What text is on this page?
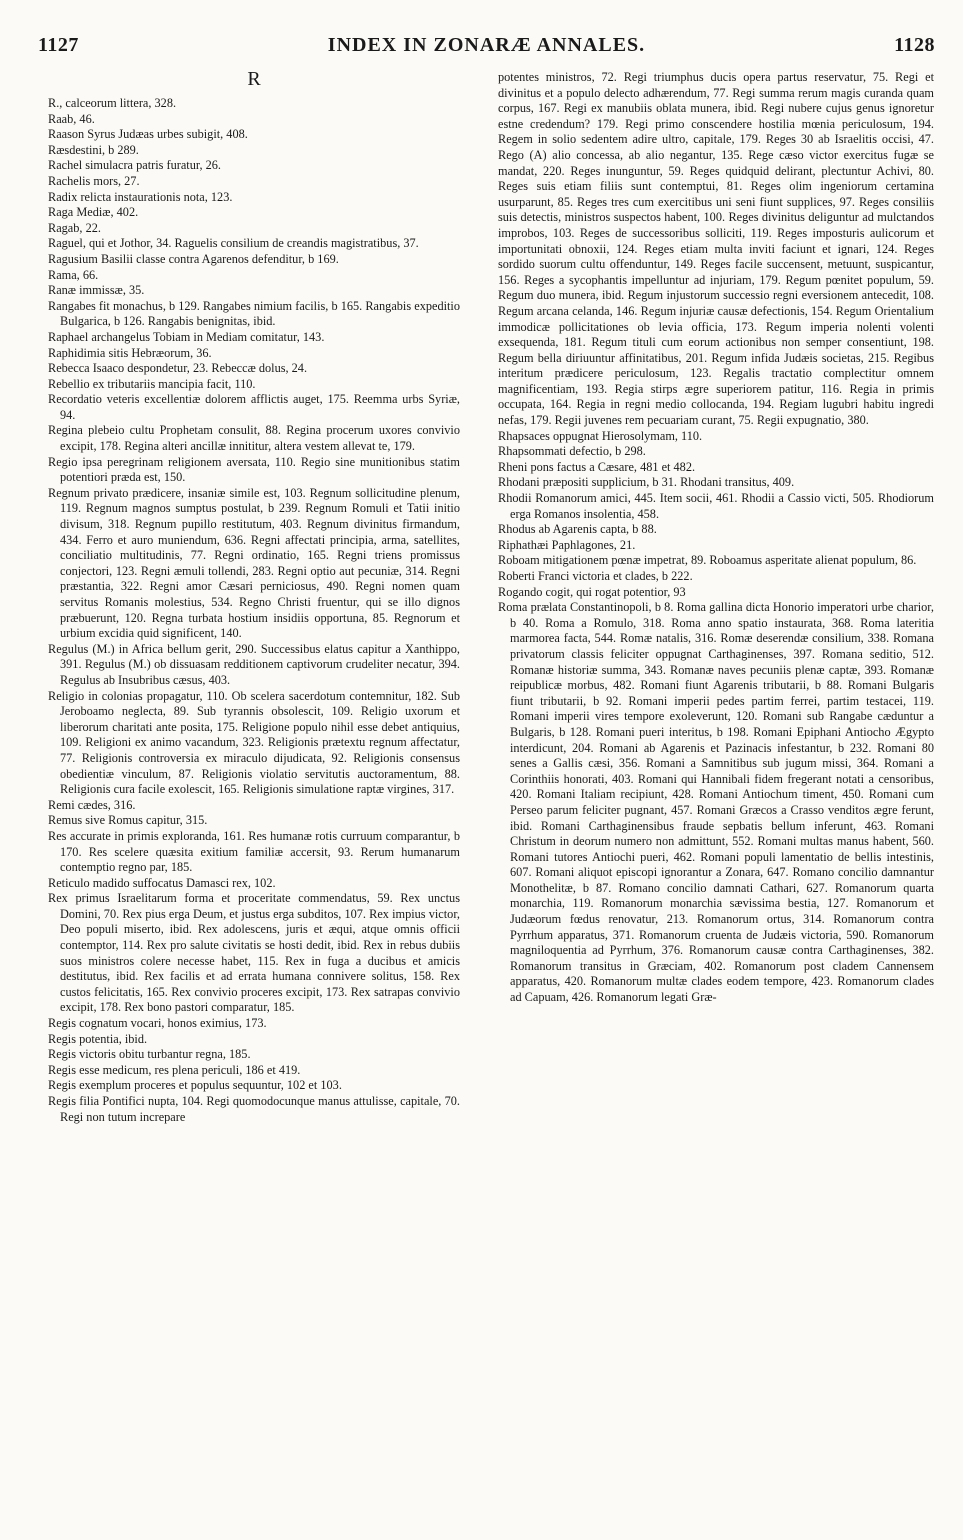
1127	INDEX IN ZONARÆ ANNALES.	1128
R

R., calceorum littera, 328.

Raab, 46.

Raason Syrus Judæas urbes subigit, 408.

Ræsdestini, b 289.

Rachel simulacra patris furatur, 26.

Rachelis mors, 27.

Radix relicta instaurationis nota, 123.

Raga Mediæ, 402.

Ragab, 22.

Raguel, qui et Jothor, 34. Raguelis consilium de creandis magistratibus, 37.

Ragusium Basilii classe contra Agarenos defenditur, b 169.

Rama, 66.

Ranæ immissæ, 35.

Rangabes fit monachus, b 129. Rangabes nimium facilis, b 165. Rangabis expeditio Bulgarica, b 126. Rangabis benignitas, ibid.

Raphael archangelus Tobiam in Mediam comitatur, 143.

Raphidimia sitis Hebræorum, 36.

Rebecca Isaaco despondetur, 23. Rebeccæ dolus, 24.

Rebellio ex tributariis mancipia facit, 110.

Recordatio veteris excellentiæ dolorem afflictis auget, 175. Reemma urbs Syriæ, 94.

Regina plebeio cultu Prophetam consulit, 88. Regina procerum uxores convivio excipit, 178. Regina alteri ancillæ innititur, altera vestem allevat te, 179.

Regio ipsa peregrinam religionem aversata, 110. Regio sine munitionibus statim potentiori præda est, 150.

Regnum privato prædicere, insaniæ simile est, 103. Regnum sollicitudine plenum, 119. Regnum magnos sumptus postulat, b 239. Regnum Romuli et Tatii initio divisum, 318. Regnum pupillo restitutum, 403. Regnum divinitus firmandum, 434. Ferro et auro muniendum, 636. Regni affectati principia, arma, satellites, conciliatio multitudinis, 77. Regni ordinatio, 165. Regni triens promissus conjectori, 123. Regni æmuli tollendi, 283. Regni optio aut pecuniæ, 314. Regni præstantia, 322. Regni amor Cæsari perniciosus, 490. Regni nomen quam servitus Romanis molestius, 534. Regno Christi fruentur, qui se illo dignos præbuerunt, 120. Regna turbata hostium insidiis opportuna, 85. Regnorum et urbium excidia quid significent, 140.

Regulus (M.) in Africa bellum gerit, 290. Successibus elatus capitur a Xanthippo, 391. Regulus (M.) ob dissuasam redditionem captivorum crudeliter necatur, 394. Regulus ab Insubribus cæsus, 403.

Religio in colonias propagatur, 110. Ob scelera sacerdotum contemnitur, 182. Sub Jeroboamo neglecta, 89. Sub tyrannis obsolescit, 109. Religio uxorum et liberorum charitati ante posita, 175. Religione populo nihil esse debet antiquius, 109. Religioni ex animo vacandum, 323. Religionis prætextu regnum affectatur, 77. Religionis controversia ex miraculo dijudicata, 92. Religionis consensus obedientiæ vinculum, 87. Religionis violatio servitutis auctoramentum, 88. Religionis cura facile exolescit, 165. Religionis simulatione raptæ virgines, 317.

Remi cædes, 316.

Remus sive Romus capitur, 315.

Res accurate in primis exploranda, 161. Res humanæ rotis curruum comparantur, b 170. Res scelere quæsita exitium familiæ accersit, 93. Rerum humanarum contemptio regno par, 185.

Reticulo madido suffocatus Damasci rex, 102.

Rex primus Israelitarum forma et proceritate commendatus, 59. Rex unctus Domini, 70. Rex pius erga Deum, et justus erga subditos, 107. Rex impius victor, Deo populi miserto, ibid. Rex adolescens, juris et æqui, atque omnis officii contemptor, 114. Rex pro salute civitatis se hosti dedit, ibid. Rex in rebus dubiis suos ministros colere necesse habet, 115. Rex in fuga a ducibus et amicis destitutus, ibid. Rex facilis et ad errata humana connivere solitus, 158. Rex custos felicitatis, 165. Rex convivio proceres excipit, 173. Rex satrapas convivio excipit, 178. Rex bono pastori comparatur, 185.

Regis cognatum vocari, honos eximius, 173.

Regis potentia, ibid.

Regis victoris obitu turbantur regna, 185.

Regis esse medicum, res plena periculi, 186 et 419.

Regis exemplum proceres et populus sequuntur, 102 et 103.

Regis filia Pontifici nupta, 104. Regi quomodocunque manus attulisse, capitale, 70. Regi non tutum increpare

potentes ministros, 72. Regi triumphus ducis opera partus reservatur, 75. Regi et divinitus et a populo delecto adhærendum, 77. Regi summa rerum magis curanda quam corpus, 167. Regi ex manubiis oblata munera, ibid. Regi nubere cujus genus ignoretur estne credendum? 179. Regi primo conscendere hostilia mœnia periculosum, 194. Regem in solio sedentem adire ultro, capitale, 179. Reges 30 ab Israelitis occisi, 47. Rego (A) alio concessa, ab alio negantur, 135. Rege cæso victor exercitus fugæ se mandat, 220. Reges inunguntur, 59. Reges quidquid delirant, plectuntur Achivi, 80. Reges suis etiam filiis sunt contemptui, 81. Reges olim ingeniorum certamina usurparunt, 85. Reges tres cum exercitibus uni seni fiunt supplices, 97. Reges consiliis suis detectis, ministros suspectos habent, 100. Reges divinitus deliguntur ad mulctandos improbos, 103. Reges de successoribus solliciti, 119. Reges imposturis aulicorum et importunitati obnoxii, 124. Reges etiam multa inviti faciunt et ignari, 124. Reges sordido suorum cultu offenduntur, 149. Reges facile succensent, metuunt, suspicantur, 156. Reges a sycophantis impelluntur ad injuriam, 179. Regum pœnitet populum, 59. Regum duo munera, ibid. Regum injustorum successio regni eversionem antecedit, 108. Regum arcana celanda, 146. Regum injuriæ causæ defectionis, 154. Regum Orientalium immodicæ pollicitationes ob levia officia, 173. Regum imperia nolenti volenti exsequenda, 181. Regum tituli cum eorum actionibus non semper consentiunt, 198. Regum bella diriuuntur affinitatibus, 201. Regum infida Judæis societas, 215. Regibus interitum prædicere periculosum, 123. Regalis tractatio complectitur omnem magnificentiam, 193. Regia stirps ægre superiorem patitur, 116. Regia in primis occupata, 164. Regia in regni medio collocanda, 194. Regiam lugubri habitu ingredi nefas, 179. Regii juvenes rem pecuariam curant, 75. Regii expugnatio, 380.

Rhapsaces oppugnat Hierosolymam, 110.

Rhapsommati defectio, b 298.

Rheni pons factus a Cæsare, 481 et 482.

Rhodani præpositi supplicium, b 31. Rhodani transitus, 409.

Rhodii Romanorum amici, 445. Item socii, 461. Rhodii a Cassio victi, 505. Rhodiorum erga Romanos insolentia, 458.

Rhodus ab Agarenis capta, b 88.

Riphathæi Paphlagones, 21.

Roboam mitigationem pœnæ impetrat, 89. Roboamus asperitate alienat populum, 86.

Roberti Franci victoria et clades, b 222.

Rogando cogit, qui rogat potentior, 93

Roma prælata Constantinopoli, b 8. Roma gallina dicta Honorio imperatori urbe charior, b 40. Roma a Romulo, 318. Roma anno spatio instaurata, 368. Roma lateritia marmorea facta, 544. Romæ natalis, 316. Romæ deserendæ consilium, 338. Romana privatorum classis feliciter oppugnat Carthaginenses, 397. Romana seditio, 512. Romanæ historiæ summa, 343. Romanæ naves pecuniis plenæ captæ, 393. Romanæ reipublicæ morbus, 482. Romani fiunt Agarenis tributarii, b 88. Romani Bulgaris fiunt tributarii, b 92. Romani imperii pedes partim ferrei, partim testacei, 119. Romani imperii vires tempore exoleverunt, 120. Romani sub Rangabe cæduntur a Bulgaris, b 128. Romani pueri interitus, b 198. Romani Epiphani Antiocho Ægypto interdicunt, 204. Romani ab Agarenis et Pazinacis infestantur, b 232. Romani 80 senes a Gallis cæsi, 356. Romani a Samnitibus sub jugum missi, 364. Romani a Corinthiis honorati, 403. Romani qui Hannibali fidem fregerant notati a censoribus, 420. Romani Italiam recipiunt, 428. Romani Antiochum timent, 450. Romani cum Perseo parum feliciter pugnant, 457. Romani Græcos a Crasso venditos ægre ferunt, ibid. Romani Carthaginensibus fraude sepbatis bellum inferunt, 463. Romani Christum in deorum numero non admittunt, 552. Romani multas manus habent, 560. Romani tutores Antiochi pueri, 462. Romani populi lamentatio de bellis intestinis, 607. Romani aliquot episcopi ignorantur a Zonara, 647. Romano concilio damnantur Monothelitæ, b 87. Romano concilio damnati Cathari, 627. Romanorum quarta monarchia, 119. Romanorum monarchia sævissima bestia, 127. Romanorum et Judæorum fœdus renovatur, 213. Romanorum ortus, 314. Romanorum contra Pyrrhum apparatus, 371. Romanorum cruenta de Judæis victoria, 590. Romanorum magniloquentia ad Pyrrhum, 376. Romanorum causæ contra Carthaginenses, 382. Romanorum transitus in Græciam, 402. Romanorum post cladem Cannensem apparatus, 420. Romanorum multæ clades eodem tempore, 423. Romanorum clades ad Capuam, 426. Romanorum legati Græ-
